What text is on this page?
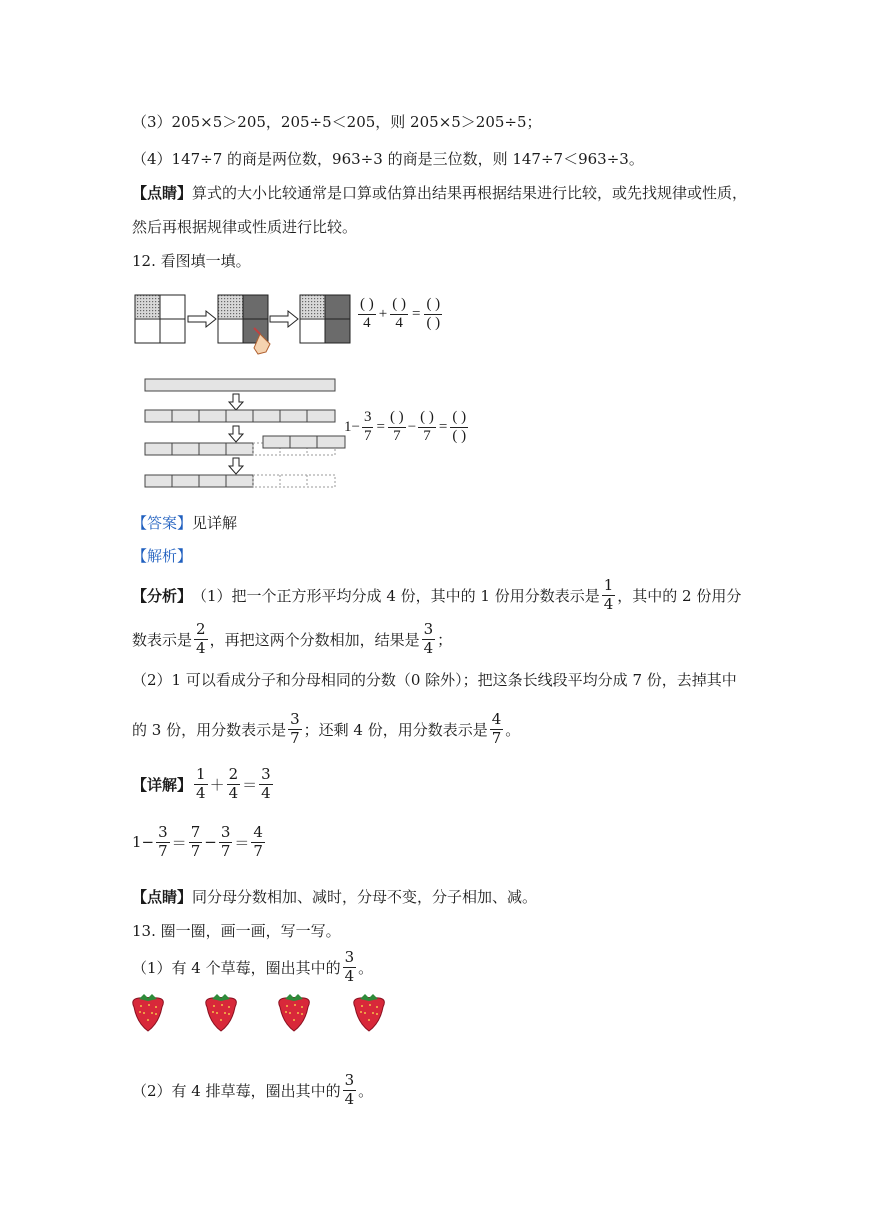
（3）205×5＞205，205÷5＜205，则 205×5＞205÷5；
（4）147÷7 的商是两位数，963÷3 的商是三位数，则 147÷7＜963÷3。
【点睛】算式的大小比较通常是口算或估算出结果再根据结果进行比较，或先找规律或性质，
然后再根据规律或性质进行比较。
12. 看图填一填。
$\frac{( )}{4} + \frac{( )}{4} = \frac{( )}{( )}$
$1 - \frac{3}{7} = \frac{( )}{7} - \frac{( )}{7} = \frac{( )}{( )}$
【答案】见详解
【解析】
【分析】 （1）把一个正方形平均分成 4 份，其中的 1 份用分数表示是 $\frac{1}{4}$ ，其中的 2 份用分
数表示是 $\frac{2}{4}$ ，再把这两个分数相加，结果是 $\frac{3}{4}$ ；
（2）1 可以看成分子和分母相同的分数（0 除外）；把这条长线段平均分成 7 份，去掉其中
的 3 份，用分数表示是 $\frac{3}{7}$ ；还剩 4 份，用分数表示是 $\frac{4}{7}$ 。
【详解】 $\frac{1}{4} + \frac{2}{4} = \frac{3}{4}$
$1 - \frac{3}{7} = \frac{7}{7} - \frac{3}{7} = \frac{4}{7}$
【点睛】同分母分数相加、减时，分母不变，分子相加、减。
13. 圈一圈，画一画，写一写。
（1）有 4 个草莓，圈出其中的 $\frac{3}{4}$ 。
（2）有 4 排草莓，圈出其中的 $\frac{3}{4}$ 。
